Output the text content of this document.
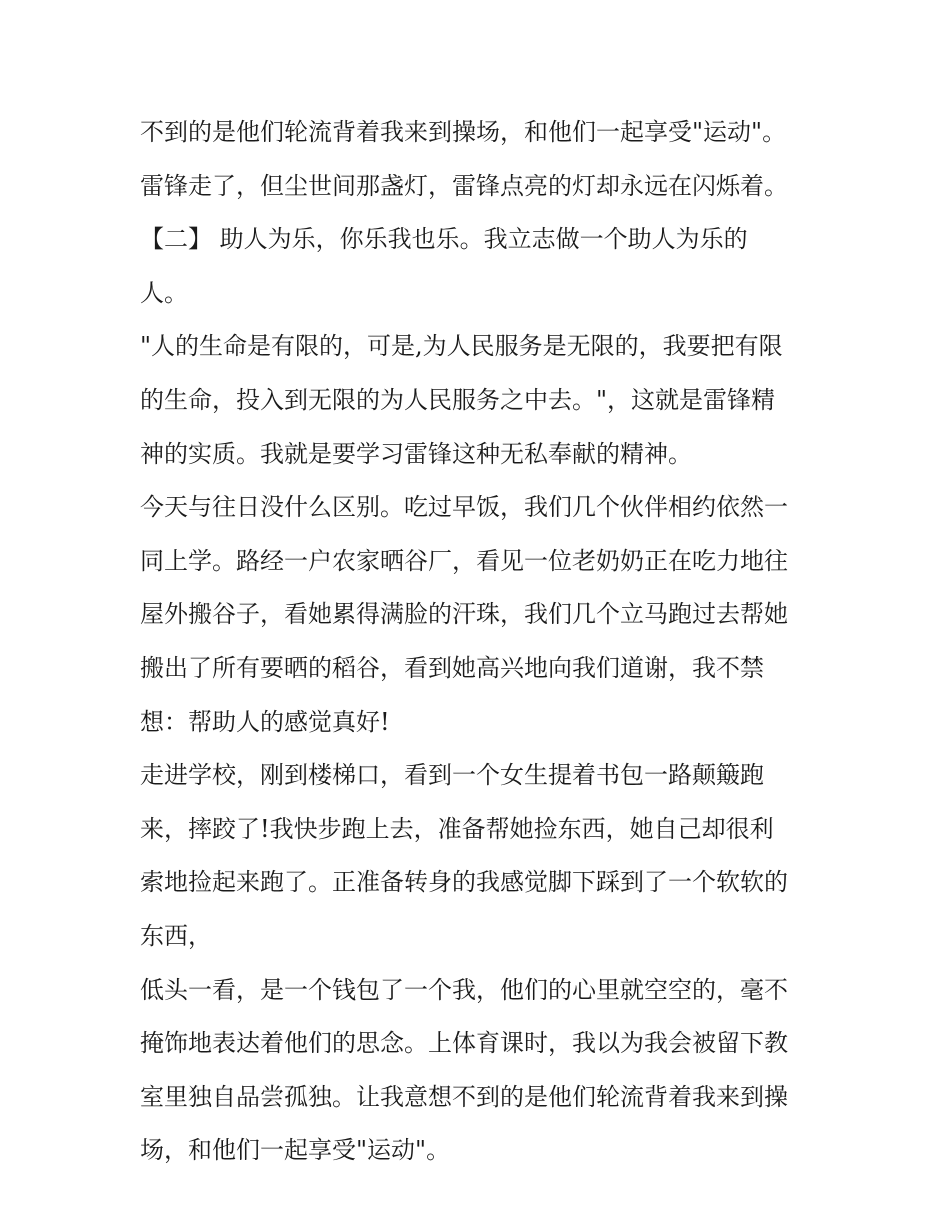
不到的是他们轮流背着我来到操场，和他们一起享受"运动"。
雷锋走了，但尘世间那盏灯，雷锋点亮的灯却永远在闪烁着。
【二】 助人为乐，你乐我也乐。我立志做一个助人为乐的
人。
"人的生命是有限的，可是,为人民服务是无限的，我要把有限
的生命，投入到无限的为人民服务之中去。"，这就是雷锋精
神的实质。我就是要学习雷锋这种无私奉献的精神。
今天与往日没什么区别。吃过早饭，我们几个伙伴相约依然一
同上学。路经一户农家晒谷厂，看见一位老奶奶正在吃力地往
屋外搬谷子，看她累得满脸的汗珠，我们几个立马跑过去帮她
搬出了所有要晒的稻谷，看到她高兴地向我们道谢，我不禁
想：帮助人的感觉真好!
走进学校，刚到楼梯口，看到一个女生提着书包一路颠簸跑
来，摔跤了!我快步跑上去，准备帮她捡东西，她自己却很利
索地捡起来跑了。正准备转身的我感觉脚下踩到了一个软软的
东西，
低头一看，是一个钱包了一个我，他们的心里就空空的，毫不
掩饰地表达着他们的思念。上体育课时，我以为我会被留下教
室里独自品尝孤独。让我意想不到的是他们轮流背着我来到操
场，和他们一起享受"运动"。
